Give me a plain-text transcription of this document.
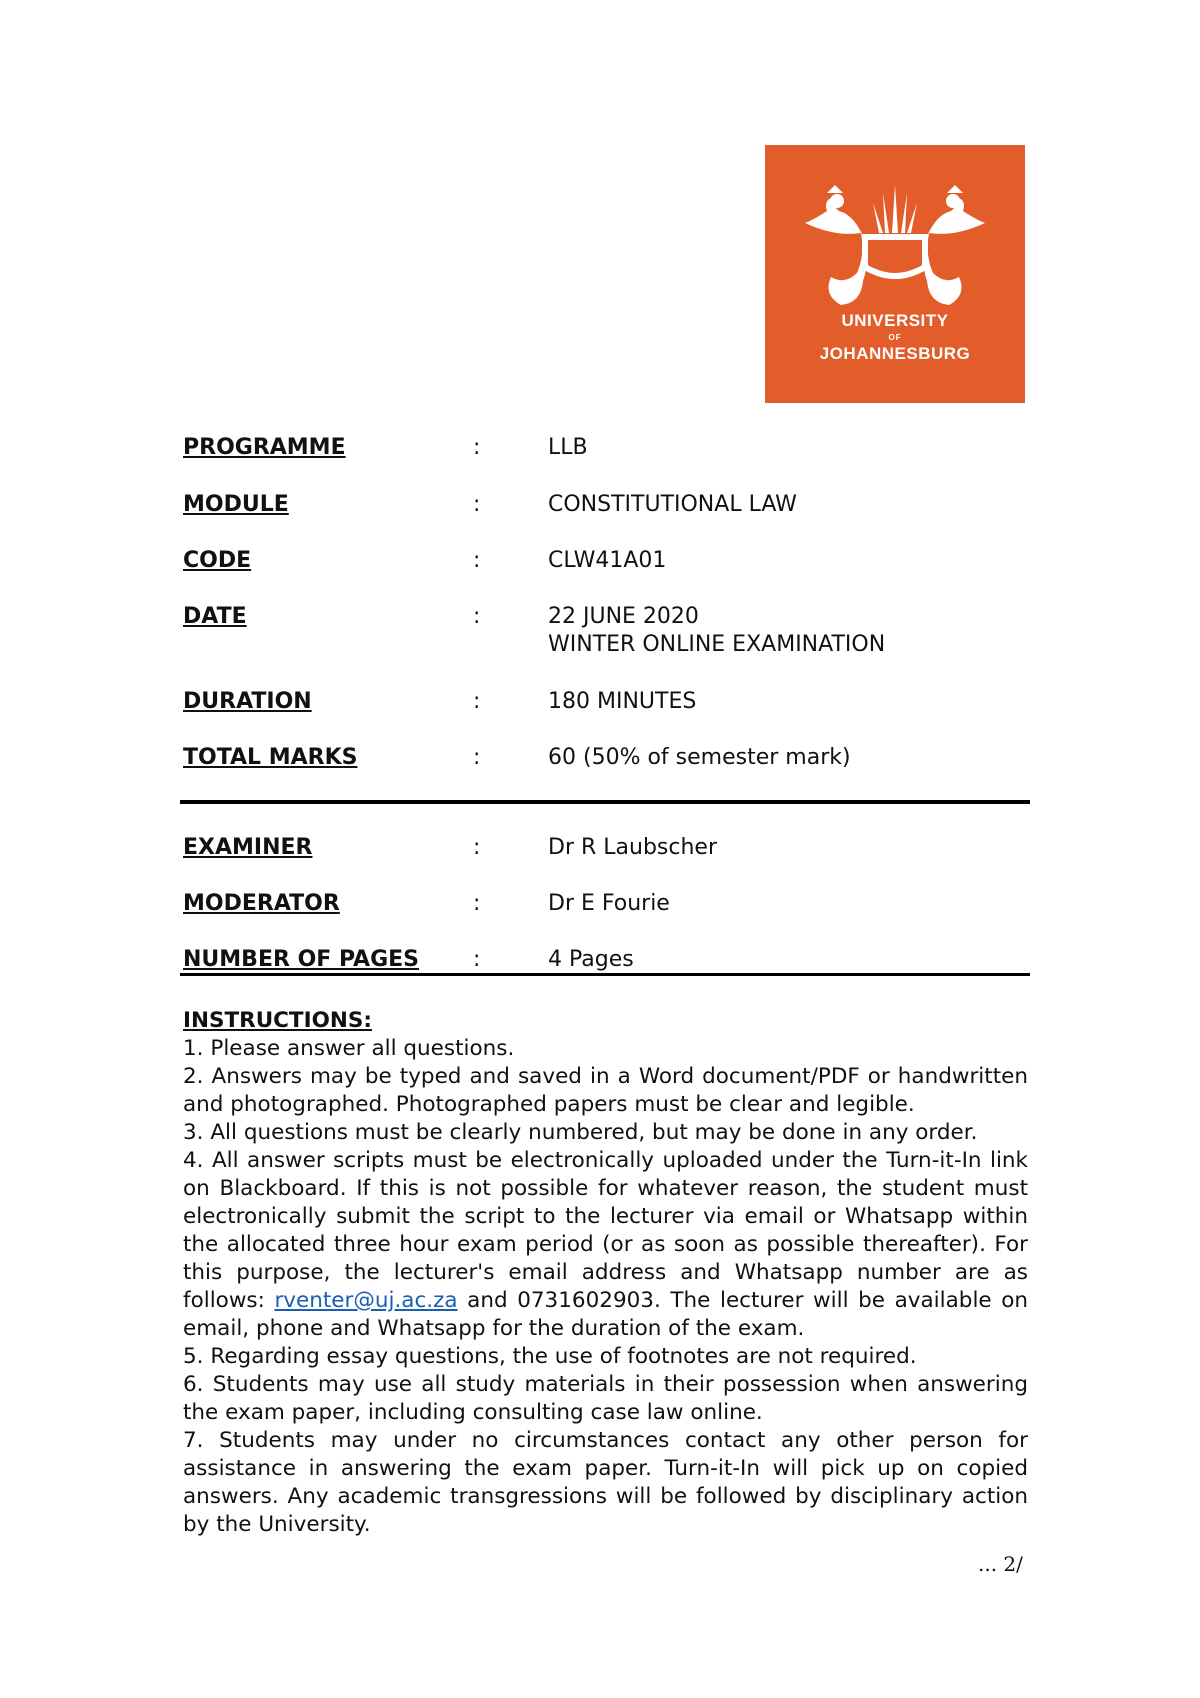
UNIVERSITY
OF
JOHANNESBURG
PROGRAMME	:	LLB
MODULE	:	CONSTITUTIONAL LAW
CODE	:	CLW41A01
DATE	:	22 JUNE 2020
WINTER ONLINE EXAMINATION
DURATION	:	180 MINUTES
TOTAL MARKS	:	60 (50% of semester mark)
EXAMINER	:	Dr R Laubscher
MODERATOR	:	Dr E Fourie
NUMBER OF PAGES :	4 Pages

INSTRUCTIONS:

1. Please answer all questions.

2. Answers may be typed and saved in a Word document/PDF or handwritten and photographed. Photographed papers must be clear and legible.

3. All questions must be clearly numbered, but may be done in any order.

4. All answer scripts must be electronically uploaded under the Turn-it-In link on Blackboard. If this is not possible for whatever reason, the student must electronically submit the script to the lecturer via email or Whatsapp within the allocated three hour exam period (or as soon as possible thereafter). For this purpose, the lecturer's email address and Whatsapp number are as follows: rventer@uj.ac.za and 0731602903. The lecturer will be available on email, phone and Whatsapp for the duration of the exam.

5. Regarding essay questions, the use of footnotes are not required.

6. Students may use all study materials in their possession when answering the exam paper, including consulting case law online.

7. Students may under no circumstances contact any other person for assistance in answering the exam paper. Turn-it-In will pick up on copied answers. Any academic transgressions will be followed by disciplinary action by the University.

... 2/
